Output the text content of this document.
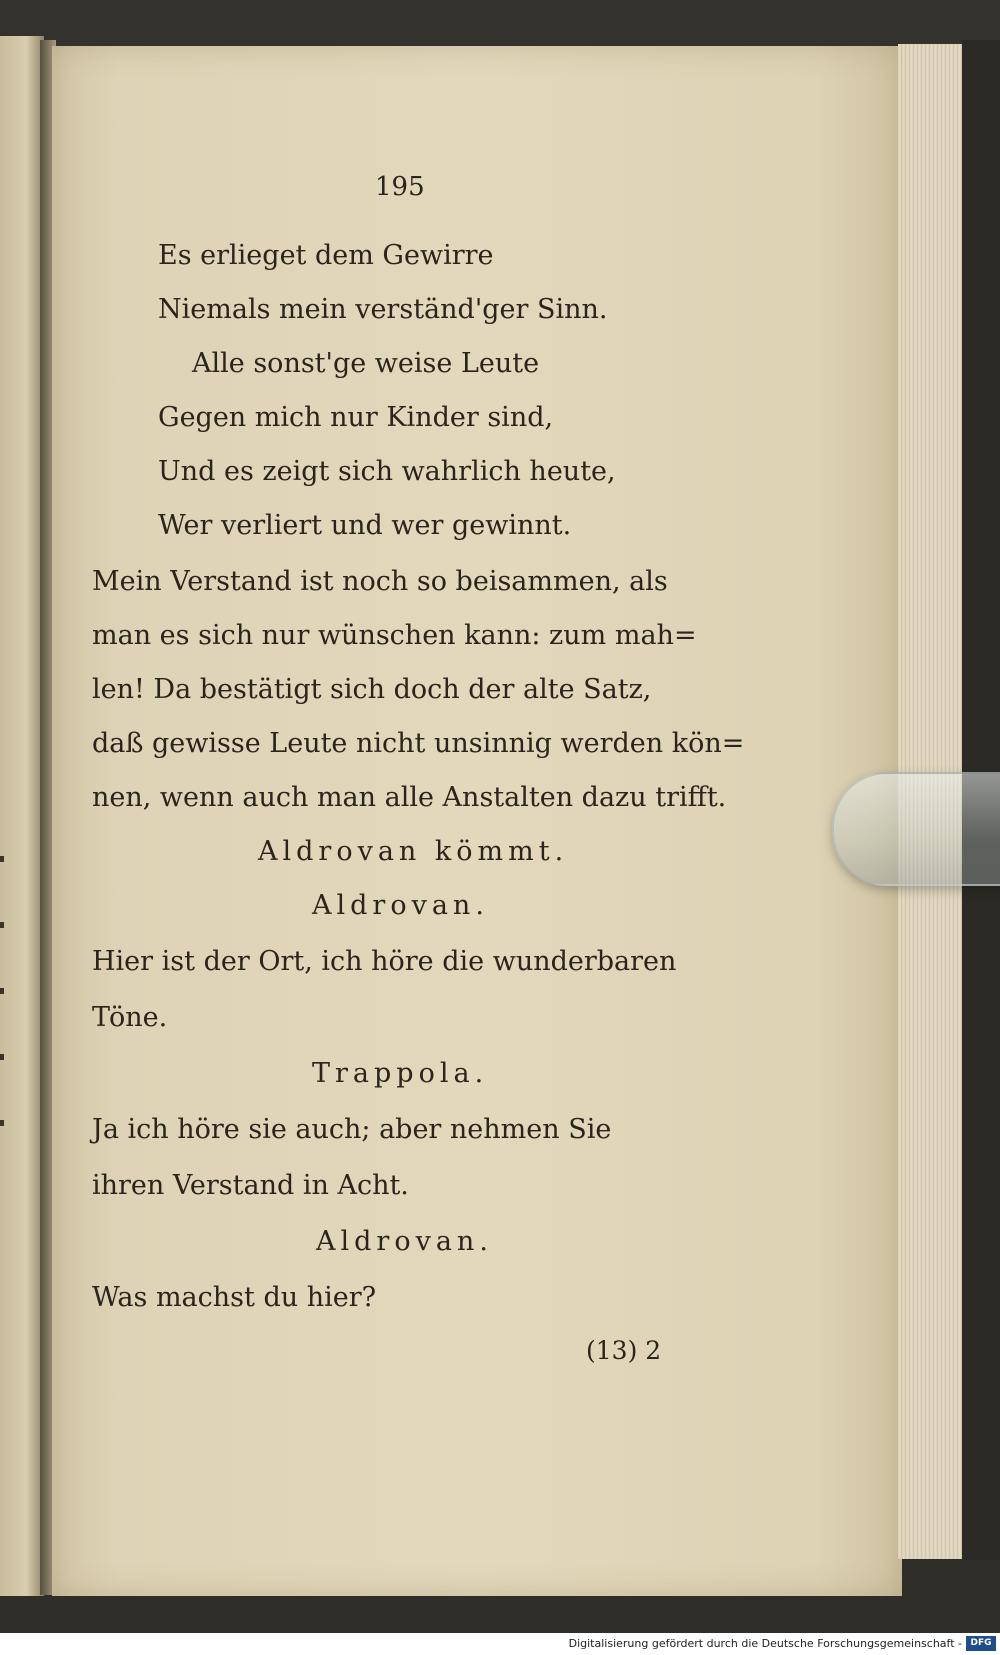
195
Es erlieget dem Gewirre
Niemals mein verständ'ger Sinn.
Alle sonst'ge weise Leute
Gegen mich nur Kinder sind,
Und es zeigt sich wahrlich heute,
Wer verliert und wer gewinnt.
Mein Verstand ist noch so beisammen, als
man es sich nur wünschen kann: zum mah=
len! Da bestätigt sich doch der alte Satz,
daß gewisse Leute nicht unsinnig werden kön=
nen, wenn auch man alle Anstalten dazu trifft.
Aldrovan kömmt.
Aldrovan.
Hier ist der Ort, ich höre die wunderbaren
Töne.
Trappola.
Ja ich höre sie auch; aber nehmen Sie
ihren Verstand in Acht.
Aldrovan.
Was machst du hier?
(13) 2
Digitalisierung gefördert durch die Deutsche Forschungsgemeinschaft - DFG
